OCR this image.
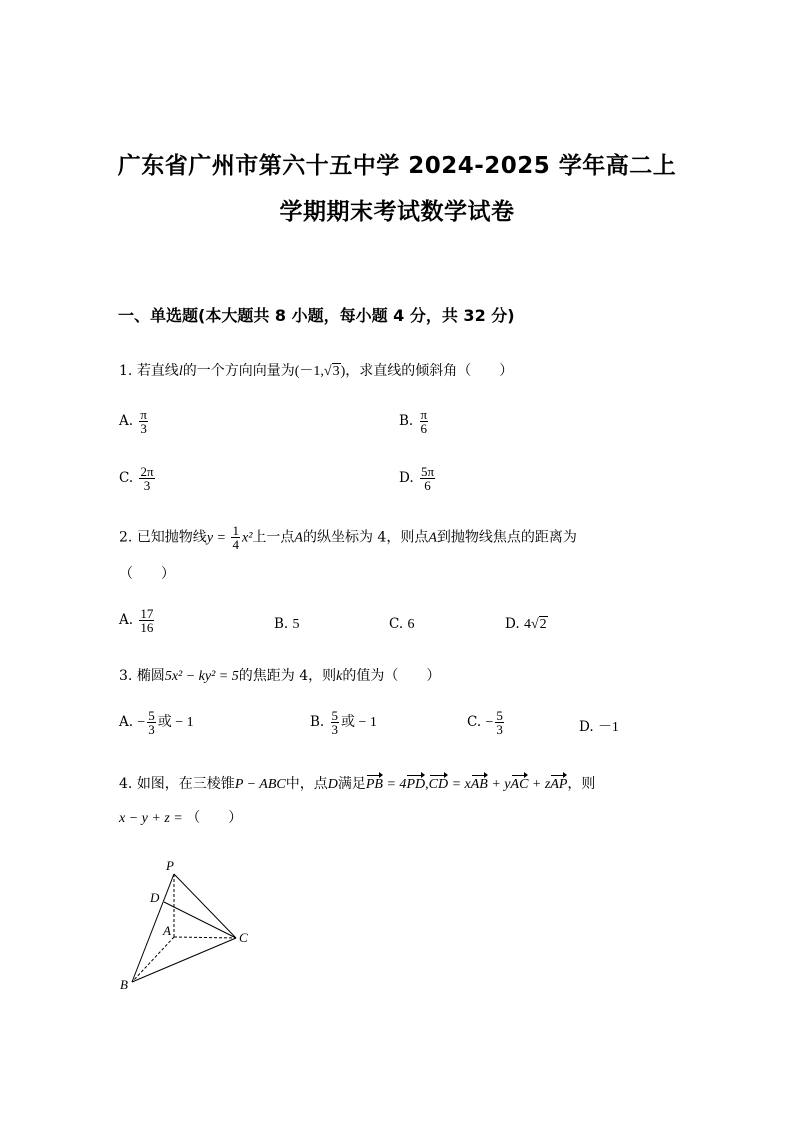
广东省广州市第六十五中学 2024-2025 学年高二上
学期期末考试数学试卷
一、单选题(本大题共 8 小题，每小题 4 分，共 32 分)
1. 若直线l的一个方向向量为(－1,√3)，求直线的倾斜角（　　）
A. $\frac{\pi}{3}$	B. $\frac{\pi}{6}$
C. $\frac{2\pi}{3}$	D. $\frac{5\pi}{6}$
2. 已知抛物线$y = \frac{1}{4} x^2$上一点A的纵坐标为 4，则点A到抛物线焦点的距离为
（　　）
A. $\frac{17}{16}$	B. 5	C. 6	D. 4√2
3. 椭圆5x² − ky² = 5的焦距为 4，则k的值为（　　）
A. − $\frac{5}{3}$ 或 − 1	B. $\frac{5}{3}$ 或 − 1	C. − $\frac{5}{3}$	D. －1
4. 如图，在三棱锥P − ABC中，点D满足PB = 4PD,CD = xAB + yAC + zAP，则
x − y + z = （　　）
P
D
A	C
B
